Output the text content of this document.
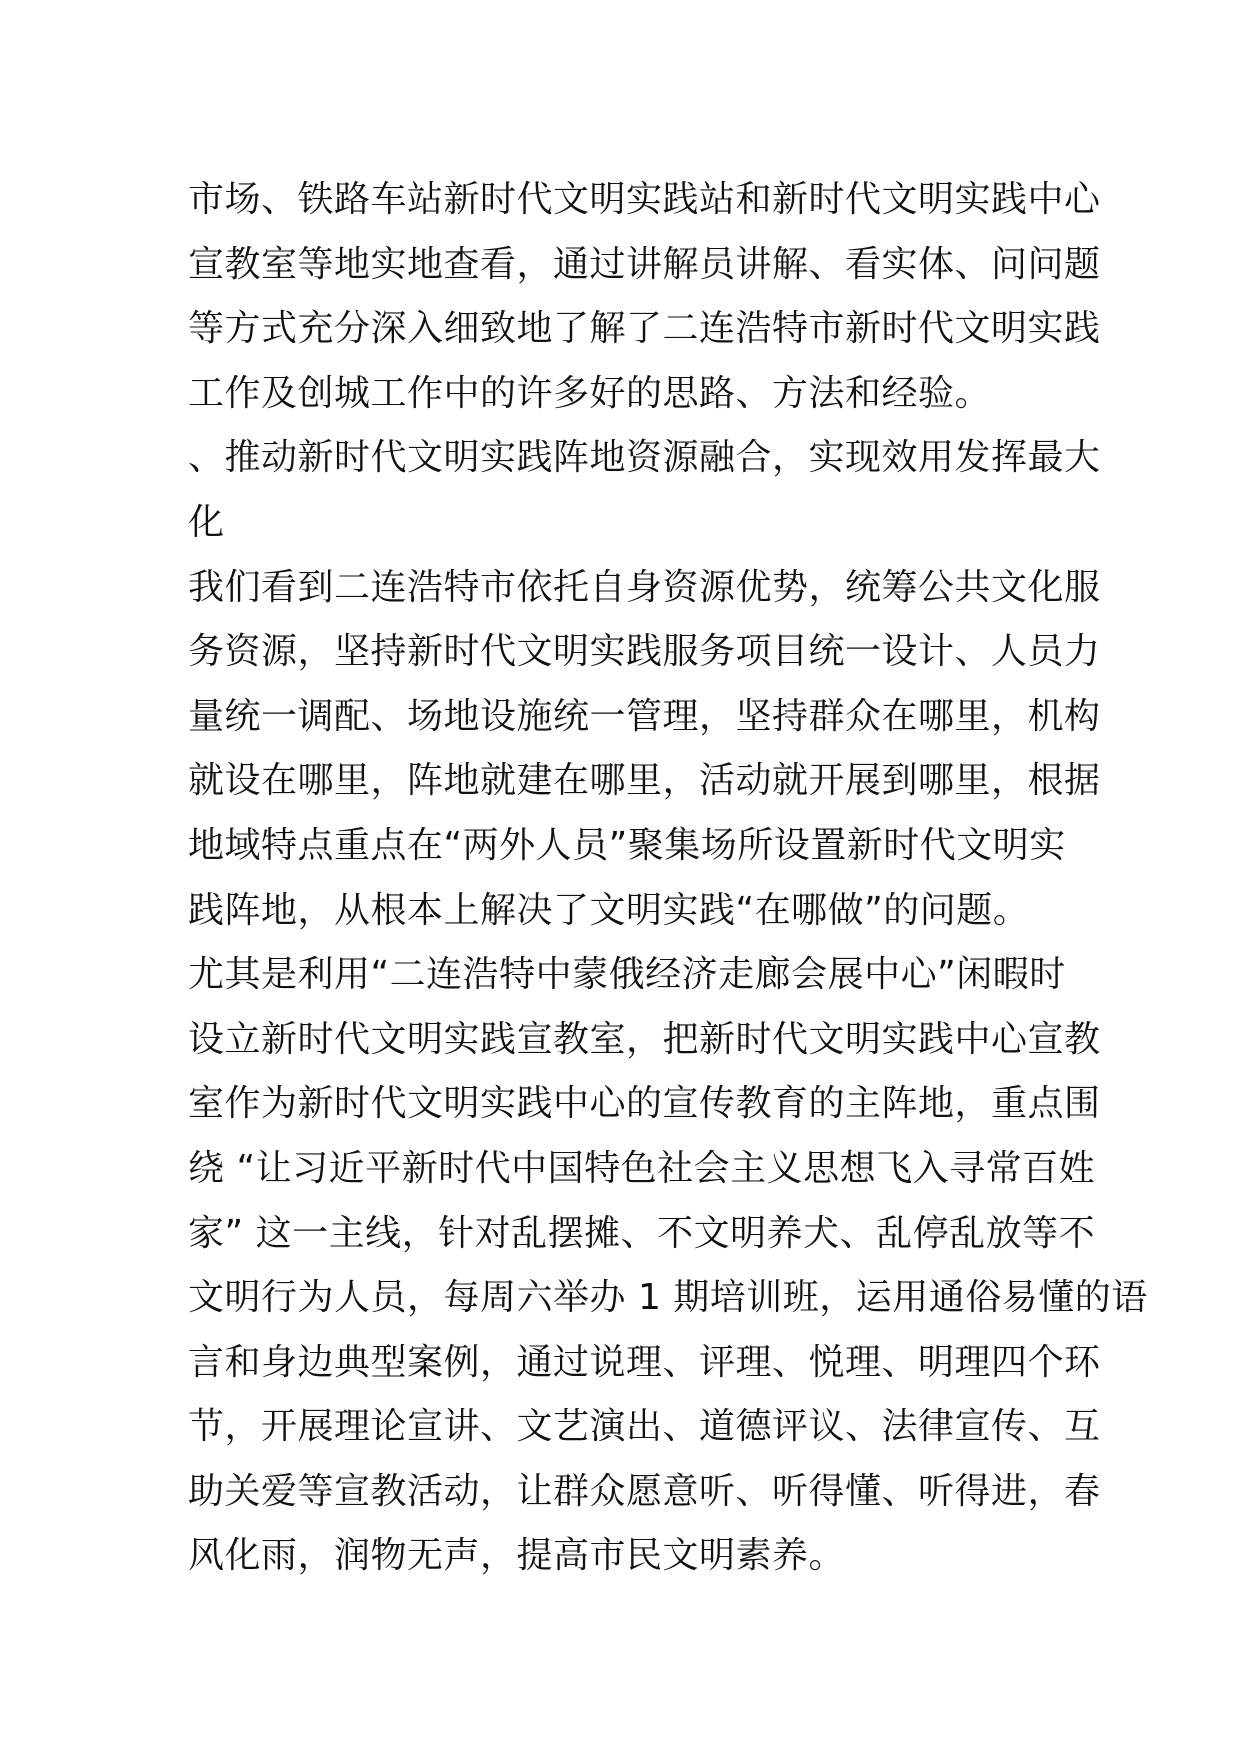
市场、铁路车站新时代文明实践站和新时代文明实践中心
宣教室等地实地查看，通过讲解员讲解、看实体、问问题
等方式充分深入细致地了解了二连浩特市新时代文明实践
工作及创城工作中的许多好的思路、方法和经验。
、推动新时代文明实践阵地资源融合，实现效用发挥最大
化
我们看到二连浩特市依托自身资源优势，统筹公共文化服
务资源，坚持新时代文明实践服务项目统一设计、人员力
量统一调配、场地设施统一管理，坚持群众在哪里，机构
就设在哪里，阵地就建在哪里，活动就开展到哪里，根据
地域特点重点在“两外人员”聚集场所设置新时代文明实
践阵地，从根本上解决了文明实践“在哪做”的问题。
尤其是利用“二连浩特中蒙俄经济走廊会展中心”闲暇时
设立新时代文明实践宣教室，把新时代文明实践中心宣教
室作为新时代文明实践中心的宣传教育的主阵地，重点围
绕 “让习近平新时代中国特色社会主义思想飞入寻常百姓
家” 这一主线，针对乱摆摊、不文明养犬、乱停乱放等不
文明行为人员，每周六举办 1 期培训班，运用通俗易懂的语
言和身边典型案例，通过说理、评理、悦理、明理四个环
节，开展理论宣讲、文艺演出、道德评议、法律宣传、互
助关爱等宣教活动，让群众愿意听、听得懂、听得进，春
风化雨，润物无声，提高市民文明素养。
